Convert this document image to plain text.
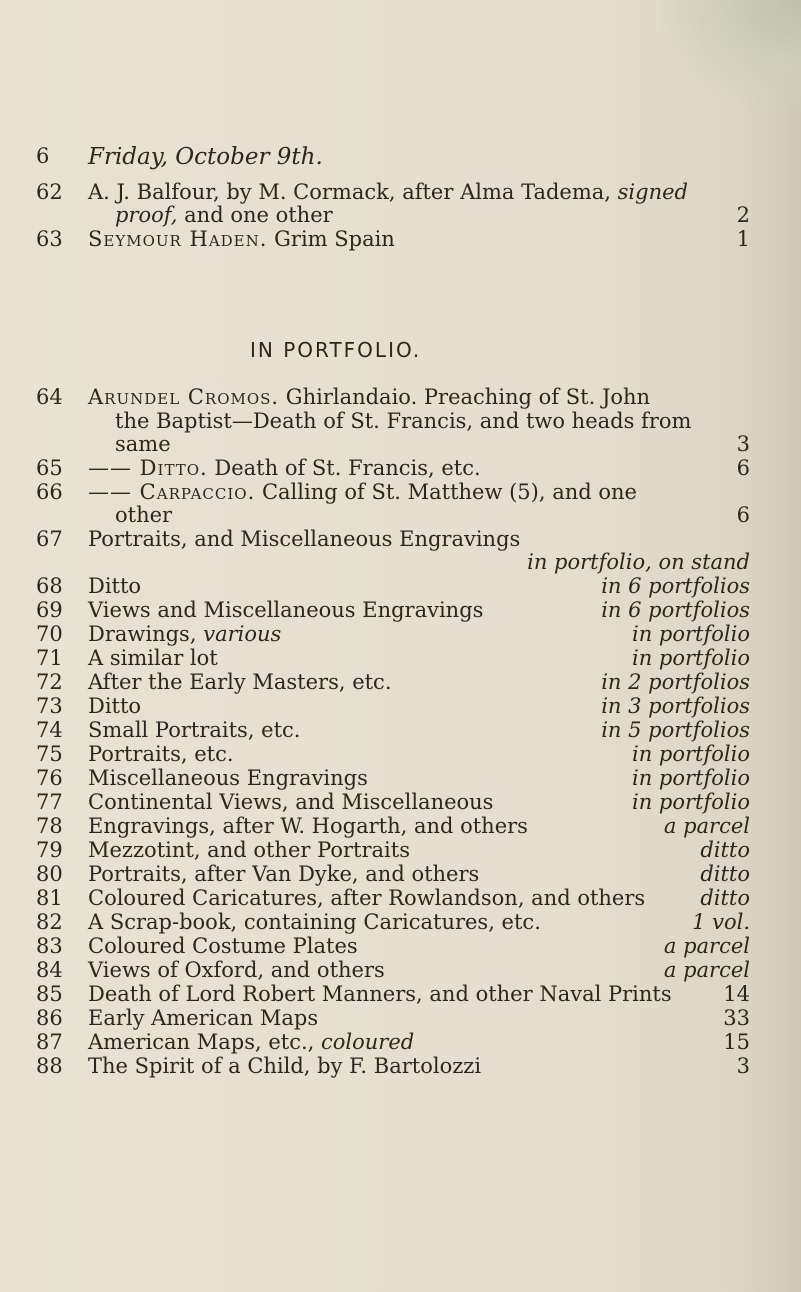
6	Friday, October 9th.
IN PORTFOLIO.
62	A. J. Balfour, by M. Cormack, after Alma Tadema, signed
proof, and one other	2
63	Seymour Haden. Grim Spain	1
64	Arundel Cromos. Ghirlandaio. Preaching of St. John
the Baptist—Death of St. Francis, and two heads from
same	3
65	—— Ditto. Death of St. Francis, etc.	6
66	—— Carpaccio. Calling of St. Matthew (5), and one
other	6
67	Portraits, and Miscellaneous Engravings
in portfolio, on stand
68	Ditto	in 6 portfolios
69	Views and Miscellaneous Engravings	in 6 portfolios
70	Drawings, various	in portfolio
71	A similar lot	in portfolio
72	After the Early Masters, etc.	in 2 portfolios
73	Ditto	in 3 portfolios
74	Small Portraits, etc.	in 5 portfolios
75	Portraits, etc.	in portfolio
76	Miscellaneous Engravings	in portfolio
77	Continental Views, and Miscellaneous	in portfolio
78	Engravings, after W. Hogarth, and others	a parcel
79	Mezzotint, and other Portraits	ditto
80	Portraits, after Van Dyke, and others	ditto
81	Coloured Caricatures, after Rowlandson, and others	ditto
82	A Scrap-book, containing Caricatures, etc.	1 vol.
83	Coloured Costume Plates	a parcel
84	Views of Oxford, and others	a parcel
85	Death of Lord Robert Manners, and other Naval Prints 14
86	Early American Maps	33
87	American Maps, etc., coloured	15
88	The Spirit of a Child, by F. Bartolozzi	3
